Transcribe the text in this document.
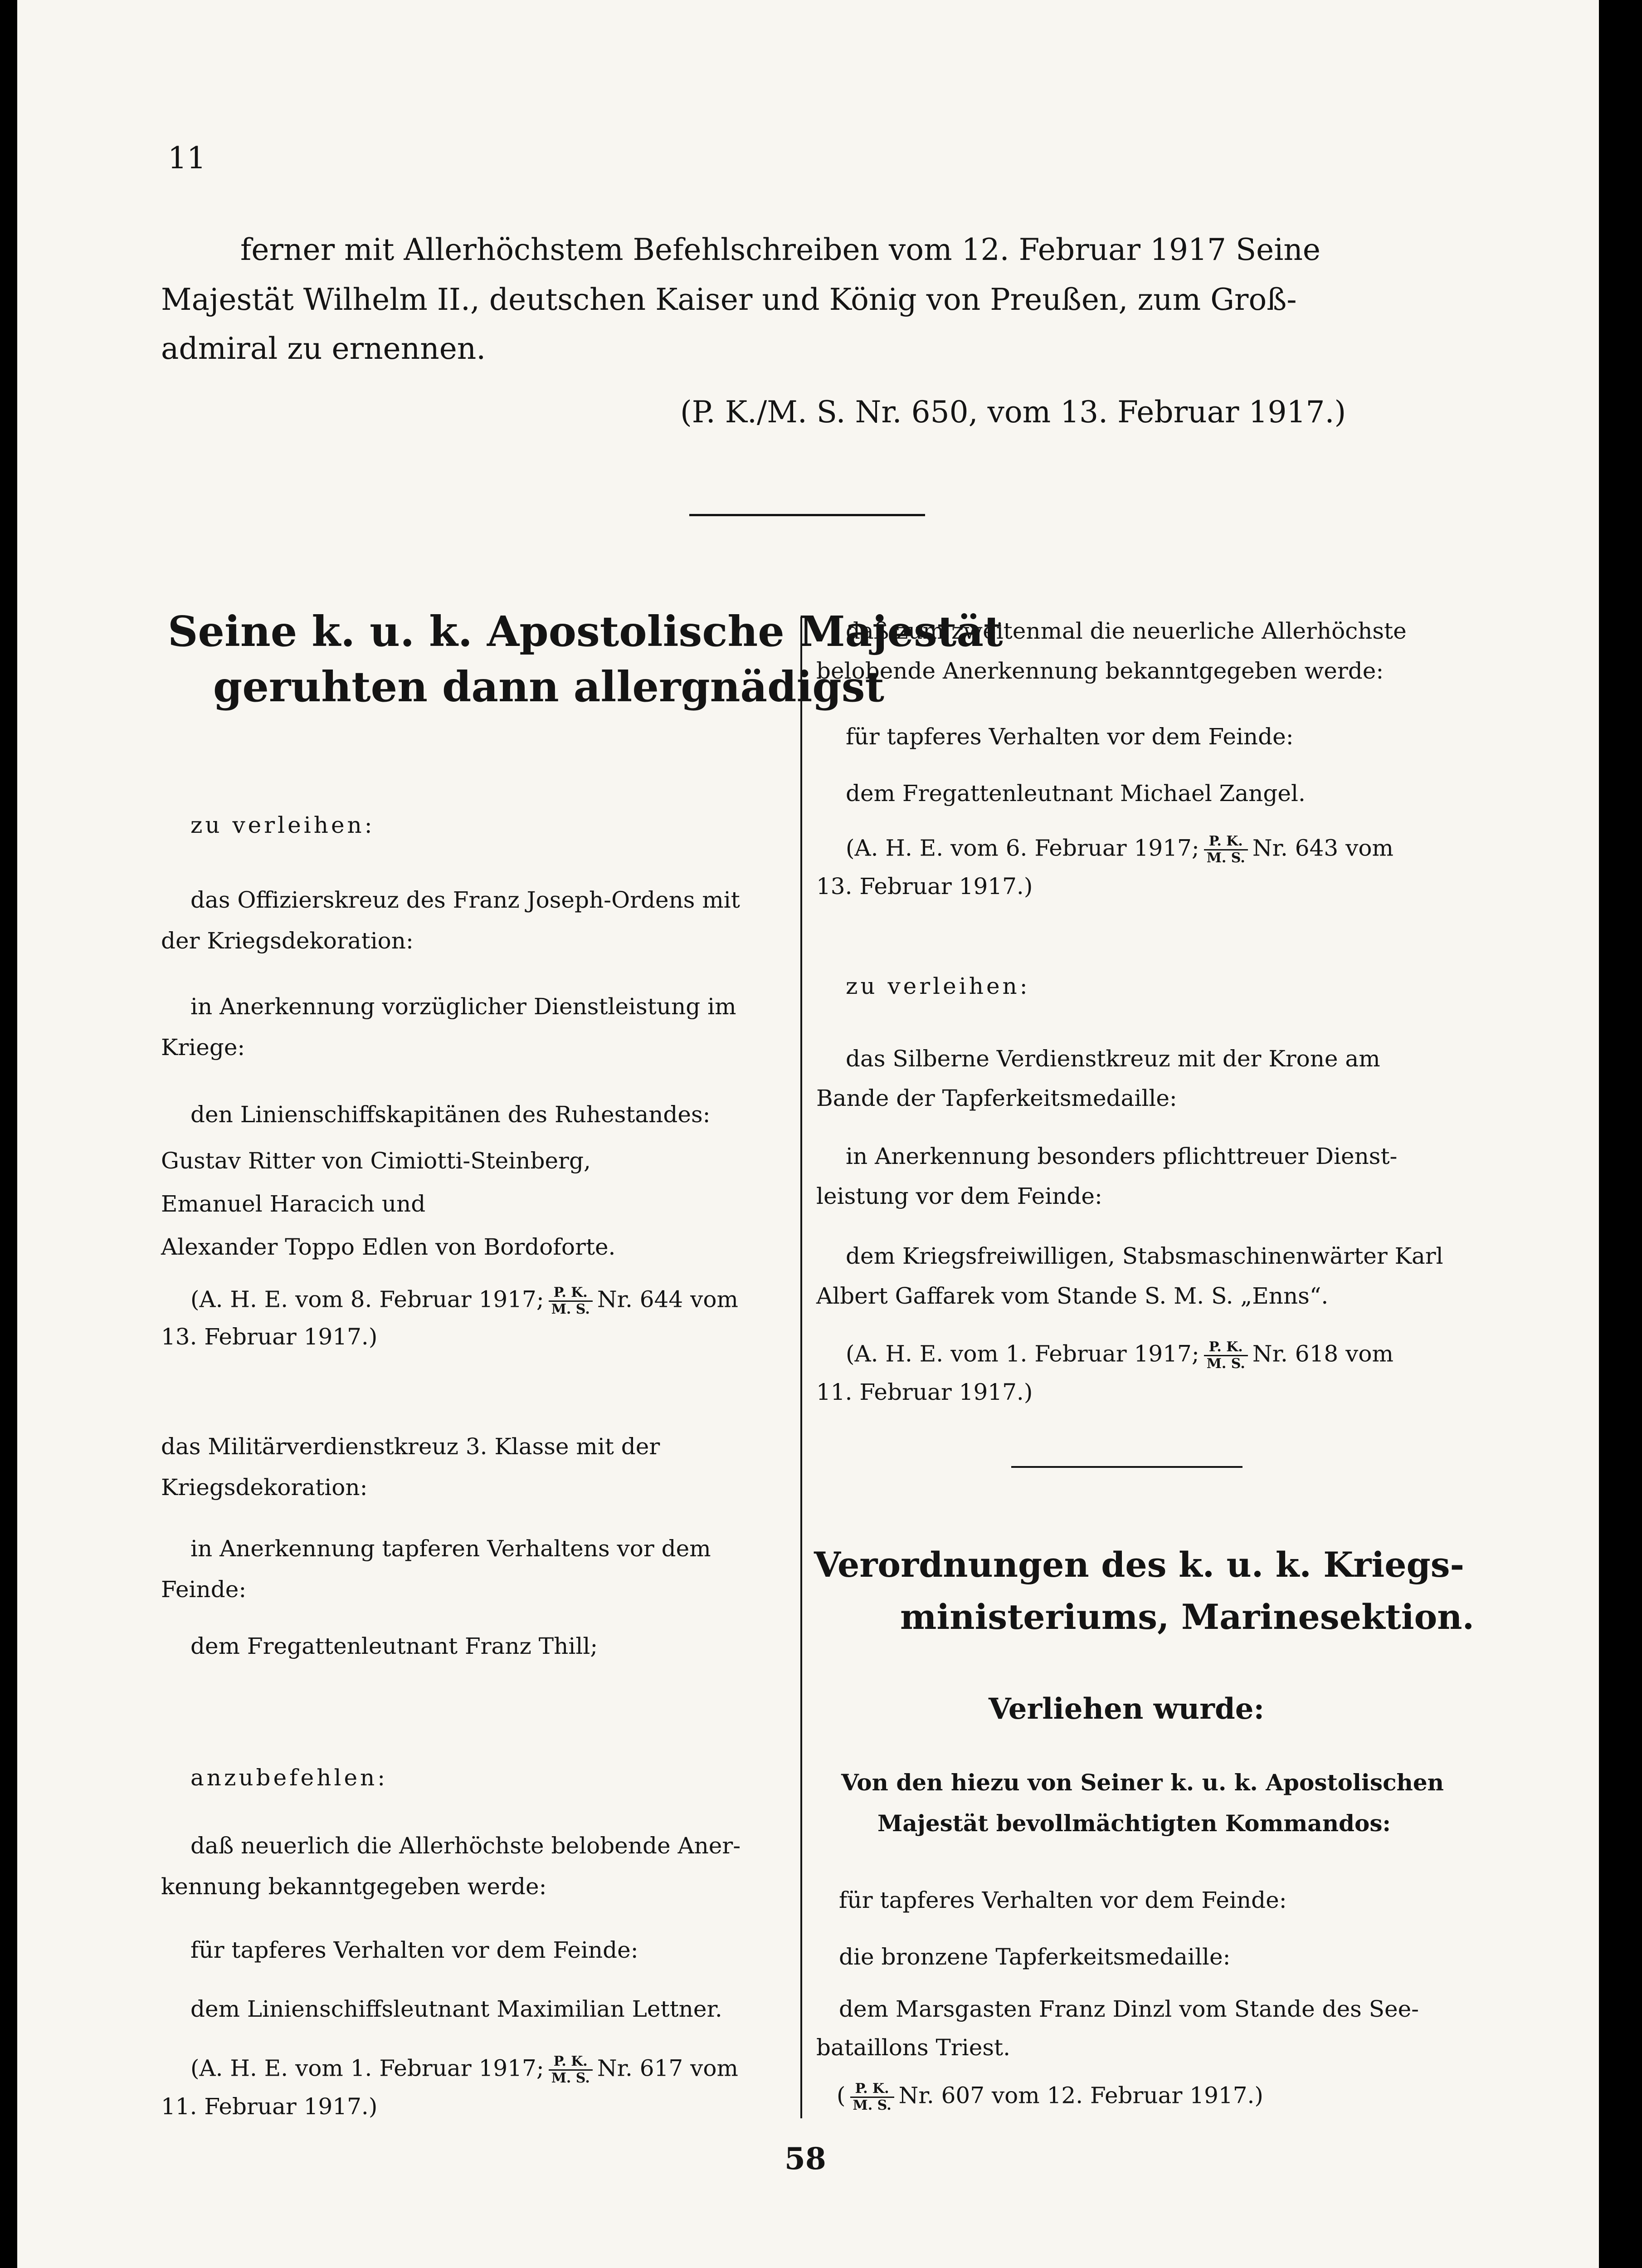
11
ferner mit Allerhöchstem Befehlschreiben vom 12. Februar 1917 Seine
Majestät Wilhelm II., deutschen Kaiser und König von Preußen, zum Groß-
admiral zu ernennen.
(P. K./M. S. Nr. 650, vom 13. Februar 1917.)
Seine k. u. k. Apostolische Majestät
geruhten dann allergnädigst
zu verleihen:
das Offizierskreuz des Franz Joseph-Ordens mit
der Kriegsdekoration:
in Anerkennung vorzüglicher Dienstleistung im
Kriege:
den Linienschiffskapitänen des Ruhestandes:
Gustav Ritter von Cimiotti-Steinberg,
Emanuel Haracich und
Alexander Toppo Edlen von Bordoforte.
(A. H. E. vom 8. Februar 1917; $\frac{P. K.}{M. S.} Nr$. 644 vom
13. Februar 1917.)
das Militärverdienstkreuz 3. Klasse mit der
Kriegsdekoration:
in Anerkennung tapferen Verhaltens vor dem
Feinde:
dem Fregattenleutnant Franz Thill;
anzubefehlen:
daß neuerlich die Allerhöchste belobende Aner-
kennung bekanntgegeben werde:
für tapferes Verhalten vor dem Feinde:
dem Linienschiffsleutnant Maximilian Lettner.
(A. H. E. vom 1. Februar 1917; $\frac{P. K.}{M. S.} Nr$. 617 vom
11. Februar 1917.)
daß zum zweitenmal die neuerliche Allerhöchste
belobende Anerkennung bekanntgegeben werde:
für tapferes Verhalten vor dem Feinde:
dem Fregattenleutnant Michael Zangel.
(A. H. E. vom 6. Februar 1917; $\frac{P. K.}{M. S.} Nr$. 643 vom
13. Februar 1917.)
zu verleihen:
das Silberne Verdienstkreuz mit der Krone am
Bande der Tapferkeitsmedaille:
in Anerkennung besonders pflichttreuer Dienst-
leistung vor dem Feinde:
dem Kriegsfreiwilligen, Stabsmaschinenwärter Karl
Albert Gaffarek vom Stande S. M. S. „Enns“.
(A. H. E. vom 1. Februar 1917; $\frac{P. K.}{M. S.} Nr$. 618 vom
11. Februar 1917.)
Verordnungen des k. u. k. Kriegs-
ministeriums, Marinesektion.
Verliehen wurde:
Von den hiezu von Seiner k. u. k. Apostolischen
Majestät bevollmächtigten Kommandos:
für tapferes Verhalten vor dem Feinde:
die bronzene Tapferkeitsmedaille:
dem Marsgasten Franz Dinzl vom Stande des See-
bataillons Triest.
( $\frac{P. K.}{M. S.} Nr$. 607 vom 12. Februar 1917.)
58
